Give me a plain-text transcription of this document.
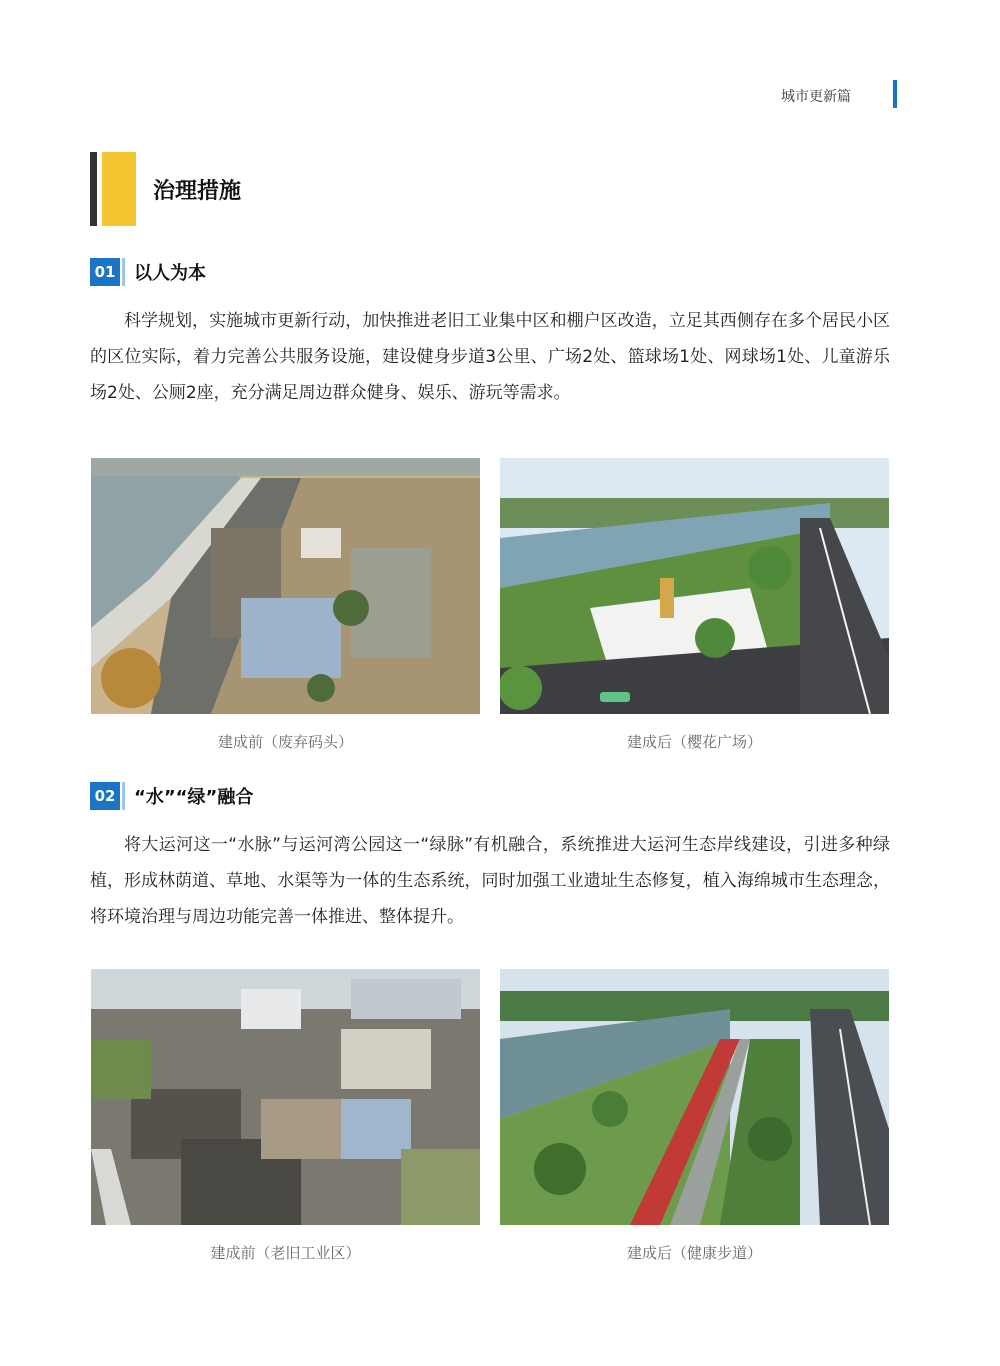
城市更新篇
治理措施
01 以人为本

科学规划，实施城市更新行动，加快推进老旧工业集中区和棚户区改造，立足其西侧存在多个居民小区的区位实际，着力完善公共服务设施，建设健身步道3公里、广场2处、篮球场1处、网球场1处、儿童游乐场2处、公厕2座，充分满足周边群众健身、娱乐、游玩等需求。

建成前（废弃码头）	建成后（樱花广场）
02 “水”“绿”融合

将大运河这一“水脉”与运河湾公园这一“绿脉”有机融合，系统推进大运河生态岸线建设，引进多种绿植，形成林荫道、草地、水渠等为一体的生态系统，同时加强工业遗址生态修复，植入海绵城市生态理念，将环境治理与周边功能完善一体推进、整体提升。

建成前（老旧工业区）	建成后（健康步道）
